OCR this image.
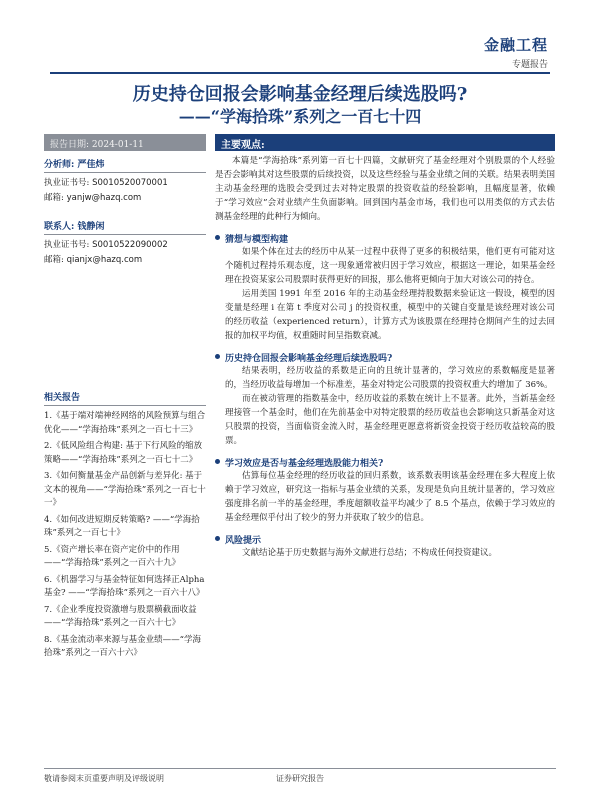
金融工程
专题报告
历史持仓回报会影响基金经理后续选股吗?
——“学海拾珠”系列之一百七十四
报告日期: 2024-01-11
分析师: 严佳炜
执业证书号: S0010520070001
邮箱: yanjw@hazq.com
联系人: 钱静闲
执业证书号: S0010522090002
邮箱: qianjx@hazq.com
相关报告
1.《基于端对端神经网络的风险预算与组合优化——“学海拾珠”系列之一百七十三》
2.《低风险组合构建: 基于下行风险的缩放策略——“学海拾珠”系列之一百七十二》
3.《如何衡量基金产品创新与差异化: 基于文本的视角——“学海拾珠”系列之一百七十一》
4.《如何改进短期反转策略? ——“学海拾珠”系列之一百七十》
5.《资产增长率在资产定价中的作用——“学海拾珠”系列之一百六十九》
6.《机器学习与基金特征如何选择正Alpha 基金? ——“学海拾珠”系列之一百六十八》
7.《企业季度投资激增与股票横截面收益——“学海拾珠”系列之一百六十七》
8.《基金流动率来源与基金业绩——“学海拾珠”系列之一百六十六》
主要观点:

本篇是“学海拾珠”系列第一百七十四篇，文献研究了基金经理对个别股票的个人经验是否会影响其对这些股票的后续投资，以及这些经验与基金业绩之间的关联。结果表明美国主动基金经理的选股会受到过去对特定股票的投资收益的经验影响，且幅度显著，依赖于“学习效应”会对业绩产生负面影响。回到国内基金市场，我们也可以用类似的方式去估测基金经理的此种行为倾向。

猜想与模型构建

如果个体在过去的经历中从某一过程中获得了更多的积极结果，他们更有可能对这个随机过程持乐观态度，这一现象通常被归因于学习效应，根据这一理论，如果基金经理在投资某家公司股票时获得更好的回报，那么他将更倾向于加大对该公司的持仓。

运用美国 1991 年至 2016 年的主动基金经理持股数据来验证这一假设，模型的因变量是经理 i 在第 t 季度对公司 j 的投资权重，模型中的关键自变量是该经理对该公司的经历收益（experienced return），计算方式为该股票在经理持仓期间产生的过去回报的加权平均值，权重随时间呈指数衰减。

历史持仓回报会影响基金经理后续选股吗?

结果表明，经历收益的系数是正向的且统计显著的，学习效应的系数幅度是显著的，当经历收益每增加一个标准差，基金对特定公司股票的投资权重大约增加了 36%。

而在被动管理的指数基金中，经历收益的系数在统计上不显著。此外，当新基金经理接管一个基金时，他们在先前基金中对特定股票的经历收益也会影响这只新基金对这只股票的投资，当面临资金流入时，基金经理更愿意将新资金投资于经历收益较高的股票。

学习效应是否与基金经理选股能力相关?

估算每位基金经理的经历收益的回归系数，该系数表明该基金经理在多大程度上依赖于学习效应，研究这一指标与基金业绩的关系，发现是负向且统计显著的，学习效应强度排名前一半的基金经理，季度超额收益平均减少了 8.5 个基点，依赖于学习效应的基金经理似乎付出了较少的努力并获取了较少的信息。

风险提示

文献结论基于历史数据与海外文献进行总结；不构成任何投资建议。

敬请参阅末页重要声明及评级说明	证券研究报告
